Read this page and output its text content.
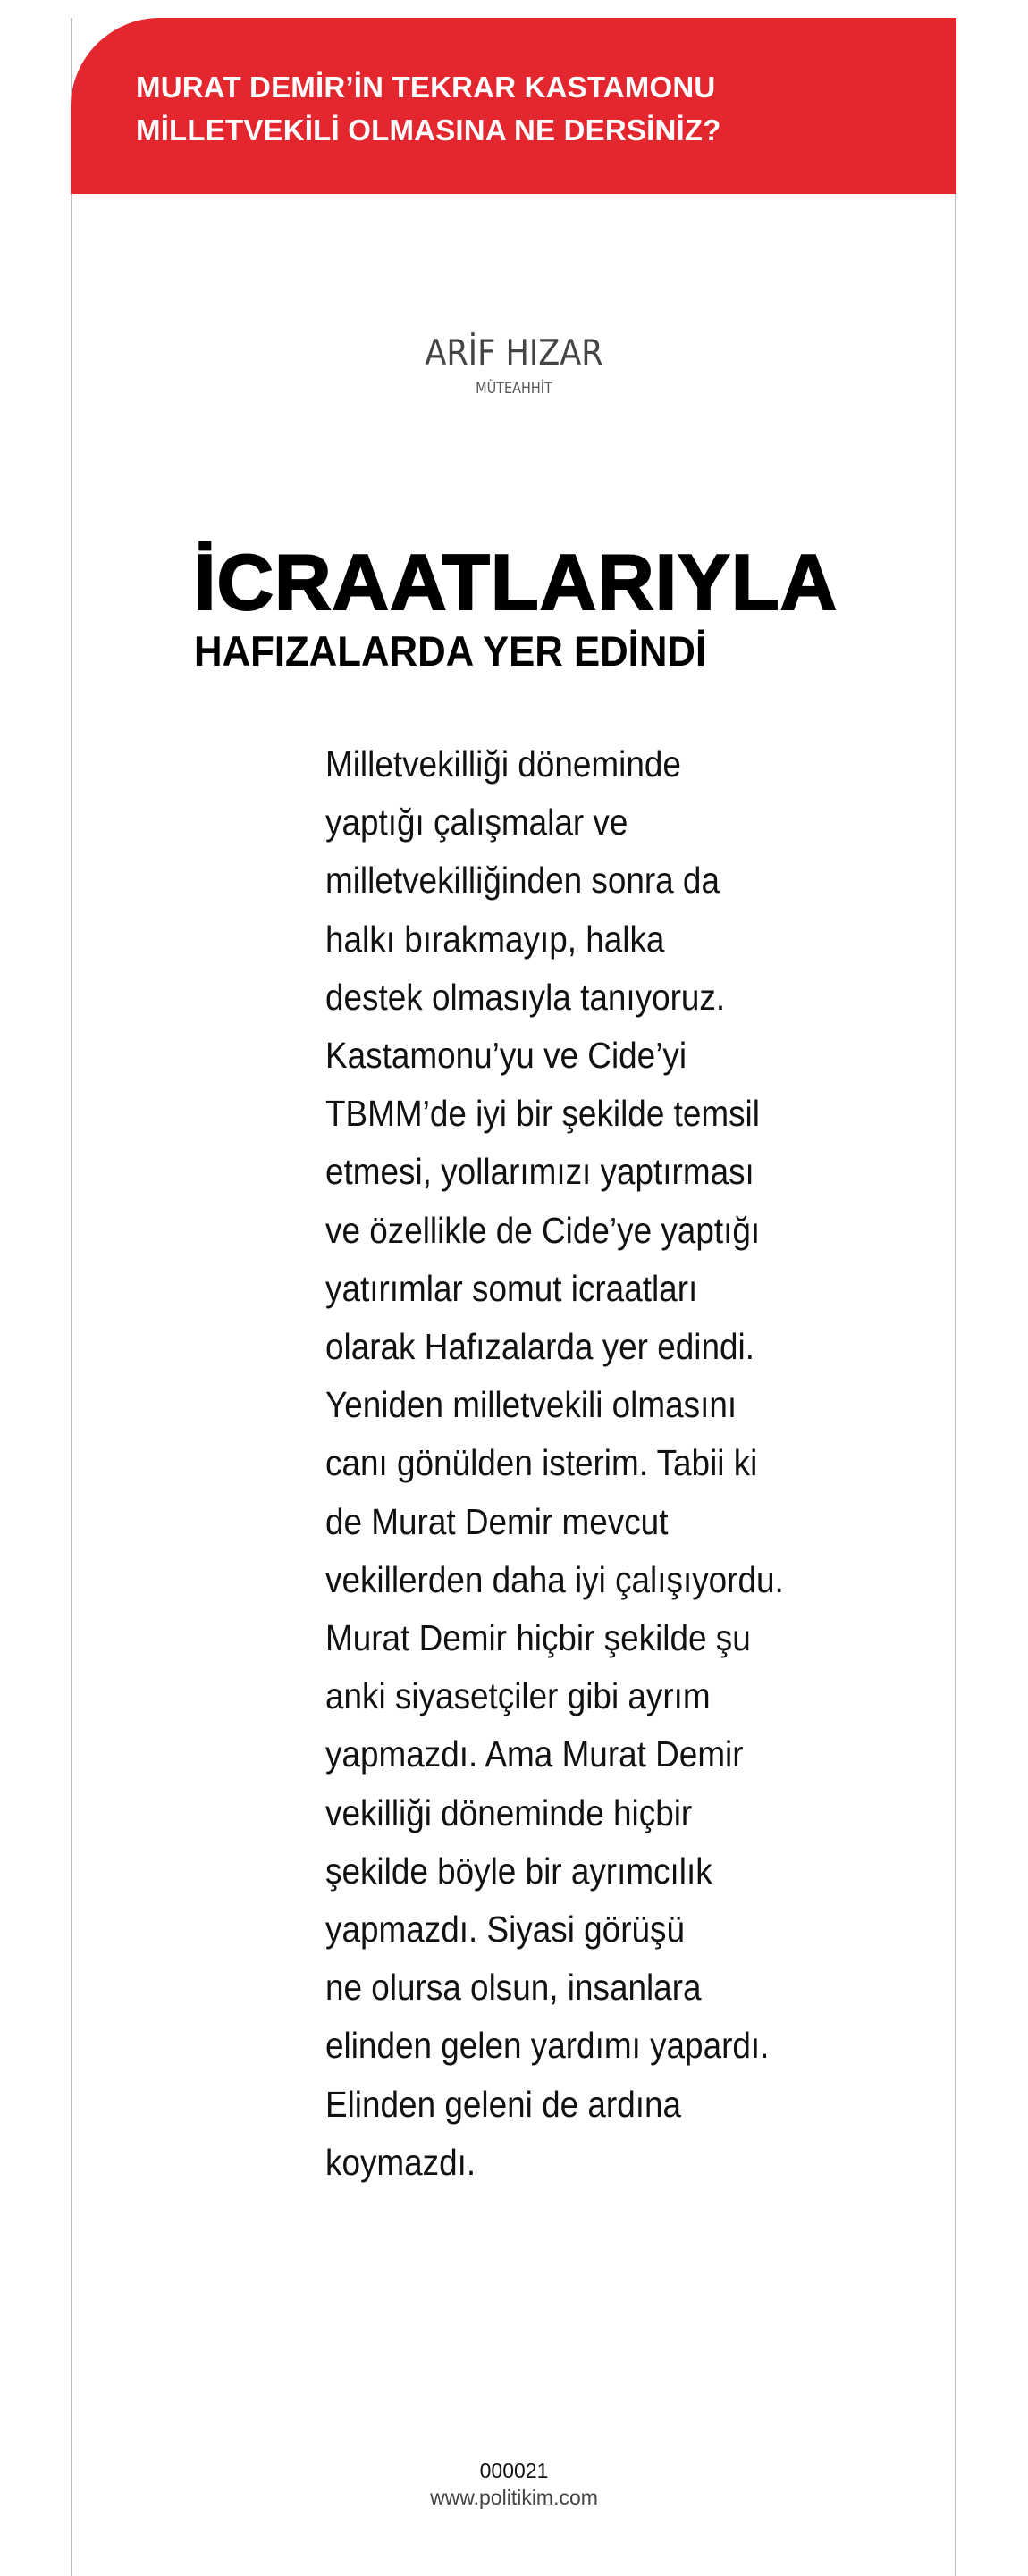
MURAT DEMİR’İN TEKRAR KASTAMONU
MİLLETVEKİLİ OLMASINA NE DERSİNİZ?
ARİF HIZAR
MÜTEAHHİT
İCRAATLARIYLA
HAFIZALARDA YER EDİNDİ
Milletvekilliği döneminde
yaptığı çalışmalar ve
milletvekilliğinden sonra da
halkı bırakmayıp, halka
destek olmasıyla tanıyoruz.
Kastamonu’yu ve Cide’yi
TBMM’de iyi bir şekilde temsil
etmesi, yollarımızı yaptırması
ve özellikle de Cide’ye yaptığı
yatırımlar somut icraatları
olarak Hafızalarda yer edindi.
Yeniden milletvekili olmasını
canı gönülden isterim. Tabii ki
de Murat Demir mevcut
vekillerden daha iyi çalışıyordu.
Murat Demir hiçbir şekilde şu
anki siyasetçiler gibi ayrım
yapmazdı. Ama Murat Demir
vekilliği döneminde hiçbir
şekilde böyle bir ayrımcılık
yapmazdı. Siyasi görüşü
ne olursa olsun, insanlara
elinden gelen yardımı yapardı.
Elinden geleni de ardına
koymazdı.
000021
www.politikim.com
